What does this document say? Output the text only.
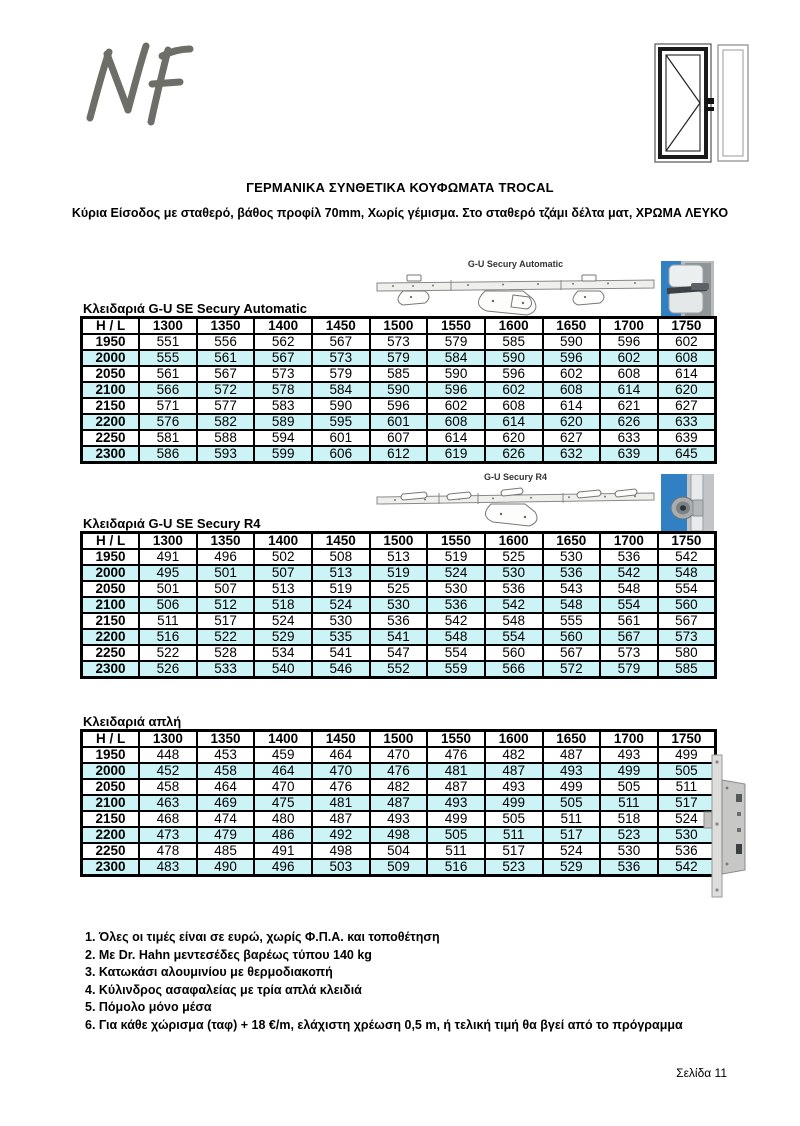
ΓΕΡΜΑΝΙΚΑ ΣΥΝΘΕΤΙΚΑ ΚΟΥΦΩΜΑΤΑ TROCAL
Κύρια Είσοδος με σταθερό, βάθος προφίλ 70mm, Χωρίς γέμισμα. Στο σταθερό τζάμι δέλτα ματ, ΧΡΩΜΑ ΛΕΥΚΟ
G-U Secury Automatic
Κλειδαριά G-U SE Secury Automatic
H / L	1300	1350	1400	1450	1500	1550	1600	1650	1700	1750
1950	551	556	562	567	573	579	585	590	596	602
2000	555	561	567	573	579	584	590	596	602	608
2050	561	567	573	579	585	590	596	602	608	614
2100	566	572	578	584	590	596	602	608	614	620
2150	571	577	583	590	596	602	608	614	621	627
2200	576	582	589	595	601	608	614	620	626	633
2250	581	588	594	601	607	614	620	627	633	639
2300	586	593	599	606	612	619	626	632	639	645
G-U Secury R4
Κλειδαριά G-U SE Secury R4
H / L	1300	1350	1400	1450	1500	1550	1600	1650	1700	1750
1950	491	496	502	508	513	519	525	530	536	542
2000	495	501	507	513	519	524	530	536	542	548
2050	501	507	513	519	525	530	536	543	548	554
2100	506	512	518	524	530	536	542	548	554	560
2150	511	517	524	530	536	542	548	555	561	567
2200	516	522	529	535	541	548	554	560	567	573
2250	522	528	534	541	547	554	560	567	573	580
2300	526	533	540	546	552	559	566	572	579	585
Κλειδαριά απλή
H / L	1300	1350	1400	1450	1500	1550	1600	1650	1700	1750
1950	448	453	459	464	470	476	482	487	493	499
2000	452	458	464	470	476	481	487	493	499	505
2050	458	464	470	476	482	487	493	499	505	511
2100	463	469	475	481	487	493	499	505	511	517
2150	468	474	480	487	493	499	505	511	518	524
2200	473	479	486	492	498	505	511	517	523	530
2250	478	485	491	498	504	511	517	524	530	536
2300	483	490	496	503	509	516	523	529	536	542
1. Όλες οι τιμές είναι σε ευρώ, χωρίς Φ.Π.Α. και τοποθέτηση
2. Με Dr. Hahn μεντεσέδες βαρέως τύπου 140 kg
3. Κατωκάσι αλουμινίου με θερμοδιακοπή
4. Κύλινδρος ασαφαλείας με τρία απλά κλειδιά
5. Πόμολο μόνο μέσα
6. Για κάθε χώρισμα (ταφ) + 18 €/m, ελάχιστη χρέωση 0,5 m, ή τελική τιμή θα βγεί από το πρόγραμμα
Σελίδα 11
